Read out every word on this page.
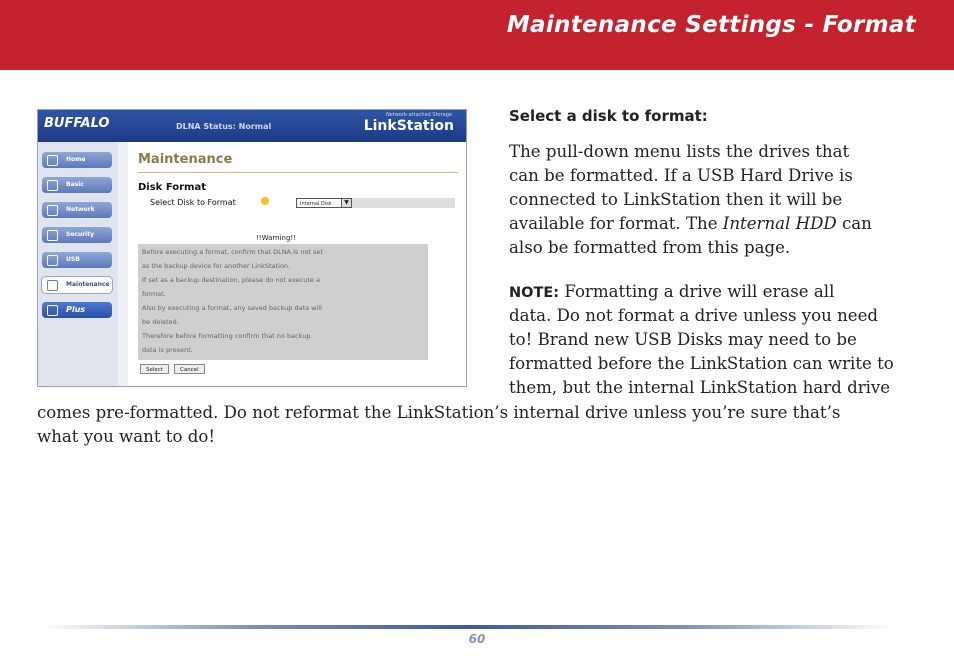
Maintenance Settings - Format
BUFFALO	DLNA Status: Normal
Network-attached Storage
LinkStation
Home
Basic
Network
Security
USB
Maintenance
Plus
Maintenance
Disk Format
Select Disk to Format	Internal Disk	▼
!!Warning!!
Before executing a format, confirm that DLNA is not set
as the backup device for another LinkStation.
If set as a backup destination, please do not execute a
format.
Also by executing a format, any saved backup data will
be deleted.
Therefore before formatting confirm that no backup
data is present.
Select	Cancel
Select a disk to format:
The pull-down menu lists the drives that
can be formatted. If a USB Hard Drive is
connected to LinkStation then it will be
available for format. The Internal HDD can
also be formatted from this page.
NOTE: Formatting a drive will erase all
data. Do not format a drive unless you need
to! Brand new USB Disks may need to be
formatted before the LinkStation can write to
them, but the internal LinkStation hard drive
comes pre-formatted. Do not reformat the LinkStation’s internal drive unless you’re sure that’s
what you want to do!
60
